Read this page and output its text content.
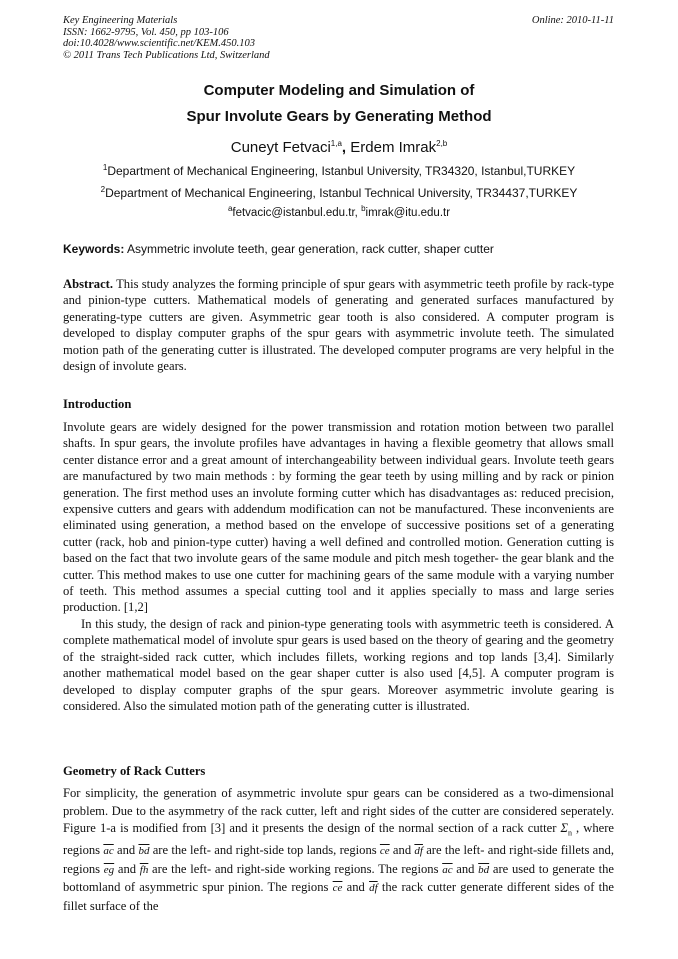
Key Engineering Materials
ISSN: 1662-9795, Vol. 450, pp 103-106
doi:10.4028/www.scientific.net/KEM.450.103
© 2011 Trans Tech Publications Ltd, Switzerland
Online: 2010-11-11
Computer Modeling and Simulation of
Spur Involute Gears by Generating Method
Cuneyt Fetvaci$^{1,a}$, Erdem Imrak$^{2,b}$
$^1$Department of Mechanical Engineering, Istanbul University, TR34320, Istanbul,TURKEY
$^2$Department of Mechanical Engineering, Istanbul Technical University, TR34437,TURKEY
$^a$fetvacic@istanbul.edu.tr, $^b$imrak@itu.edu.tr
Keywords: Asymmetric involute teeth, gear generation, rack cutter, shaper cutter

Abstract. This study analyzes the forming principle of spur gears with asymmetric teeth profile by rack-type and pinion-type cutters. Mathematical models of generating and generated surfaces manufactured by generating-type cutters are given. Asymmetric gear tooth is also considered. A computer program is developed to display computer graphs of the spur gears with asymmetric involute teeth. The simulated motion path of the generating cutter is illustrated. The developed computer programs are very helpful in the design of involute gears.

Introduction

Involute gears are widely designed for the power transmission and rotation motion between two parallel shafts. In spur gears, the involute profiles have advantages in having a flexible geometry that allows small center distance error and a great amount of interchangeability between individual gears. Involute teeth gears are manufactured by two main methods : by forming the gear teeth by using milling and by rack or pinion generation. The first method uses an involute forming cutter which has disadvantages as: reduced precision, expensive cutters and gears with addendum modification can not be manufactured. These inconvenients are eliminated using generation, a method based on the envelope of successive positions set of a generating cutter (rack, hob and pinion-type cutter) having a well defined and controlled motion. Generation cutting is based on the fact that two involute gears of the same module and pitch mesh together- the gear blank and the cutter. This method makes to use one cutter for machining gears of the same module with a varying number of teeth. This method assumes a special cutting tool and it applies specially to mass and large series production. [1,2]

In this study, the design of rack and pinion-type generating tools with asymmetric teeth is considered. A complete mathematical model of involute spur gears is used based on the theory of gearing and the geometry of the straight-sided rack cutter, which includes fillets, working regions and top lands [3,4]. Similarly another mathematical model based on the gear shaper cutter is also used [4,5]. A computer program is developed to display computer graphs of the spur gears. Moreover asymmetric involute gearing is considered. Also the simulated motion path of the generating cutter is illustrated.

Geometry of Rack Cutters

For simplicity, the generation of asymmetric involute spur gears can be considered as a two-dimensional problem. Due to the asymmetry of the rack cutter, left and right sides of the cutter are considered seperately. Figure 1-a is modified from [3] and it presents the design of the normal section of a rack cutter $\Sigma_n$ , where regions $\overline{ac}$ and $\overline{bd}$ are the left- and right-side top lands, regions $\overline{ce}$ and $\overline{df}$ are the left- and right-side fillets and, regions $\overline{eg}$ and $\overline{fh}$ are the left- and right-side working regions. The regions $\overline{ac}$ and $\overline{bd}$ are used to generate the bottomland of asymmetric spur pinion. The regions $\overline{ce}$ and $\overline{df}$ the rack cutter generate different sides of the fillet surface of the
